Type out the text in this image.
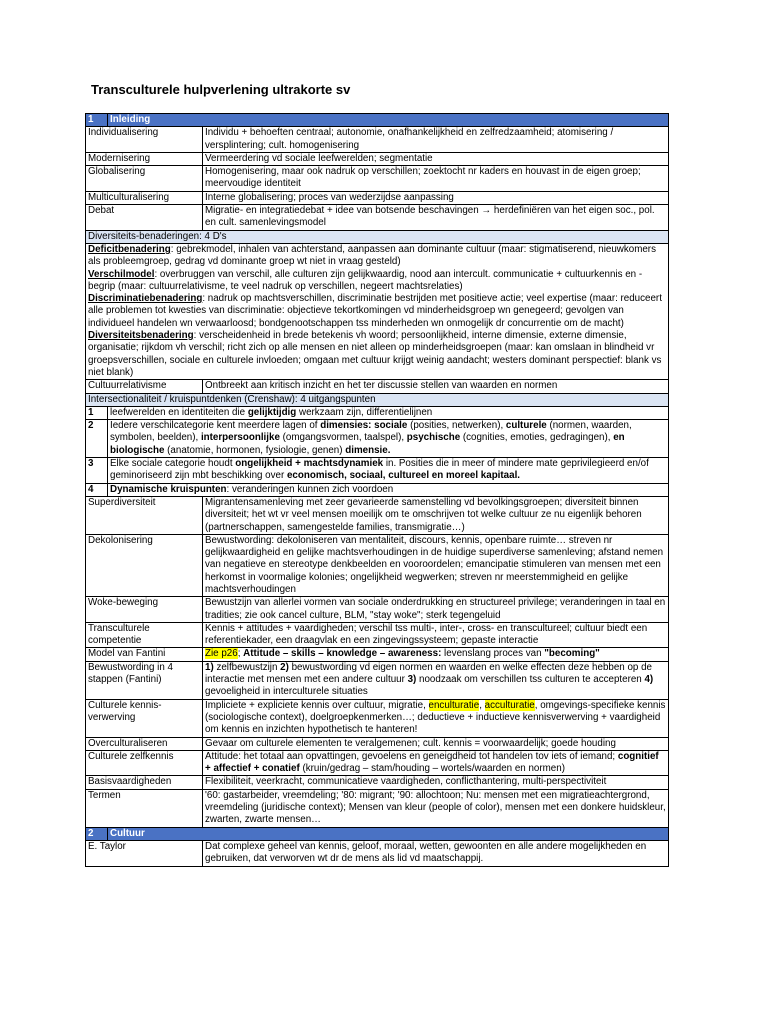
Transculturele hulpverlening ultrakorte sv
1	Inleiding	
Individualisering		Individu + behoeften centraal; autonomie, onafhankelijkheid en zelfredzaamheid; atomisering / versplintering; cult. homogenisering
Modernisering		Vermeerdering vd sociale leefwerelden; segmentatie
Globalisering		Homogenisering, maar ook nadruk op verschillen; zoektocht nr kaders en houvast in de eigen groep; meervoudige identiteit
Multiculturalisering		Interne globalisering; proces van wederzijdse aanpassing
Debat		Migratie- en integratiedebat + idee van botsende beschavingen → herdefiniëren van het eigen soc., pol. en cult. samenlevingsmodel
Diversiteits-benaderingen: 4 D's		

Deficitbenadering: gebrekmodel, inhalen van achterstand, aanpassen aan dominante cultuur (maar: stigmatiserend, nieuwkomers als probleemgroep, gedrag vd dominante groep wt niet in vraag gesteld)
Verschilmodel: overbruggen van verschil, alle culturen zijn gelijkwaardig, nood aan intercult. communicatie + cultuurkennis en -begrip (maar: cultuurrelativisme, te veel nadruk op verschillen, negeert machtsrelaties)
Discriminatiebenadering: nadruk op machtsverschillen, discriminatie bestrijden met positieve actie; veel expertise (maar: reduceert alle problemen tot kwesties van discriminatie: objectieve tekortkomingen vd minderheidsgroep wn genegeerd; gevolgen van individueel handelen wn verwaarloosd; bondgenootschappen tss minderheden wn onmogelijk dr concurrentie om de macht)
Diversiteitsbenadering: verscheidenheid in brede betekenis vh woord; persoonlijkheid, interne dimensie, externe dimensie, organisatie; rijkdom vh verschil; richt zich op alle mensen en niet alleen op minderheidsgroepen (maar: kan omslaan in blindheid vr groepsverschillen, sociale en culturele invloeden; omgaan met cultuur krijgt weinig aandacht; westers dominant perspectief: blank vs niet blank)		

Cultuurrelativisme		Ontbreekt aan kritisch inzicht en het ter discussie stellen van waarden en normen
Intersectionaliteit / kruispuntdenken (Crenshaw): 4 uitgangspunten		
1	leefwerelden en identiteiten die gelijktijdig werkzaam zijn, differentielijnen	
2	Iedere verschilcategorie kent meerdere lagen of dimensies: sociale (posities, netwerken), culturele (normen, waarden, symbolen, beelden), interpersoonlijke (omgangsvormen, taalspel), psychische (cognities, emoties, gedragingen), en biologische (anatomie, hormonen, fysiologie, genen) dimensie.	
3	Elke sociale categorie houdt ongelijkheid + machtsdynamiek in. Posities die in meer of mindere mate geprivilegieerd en/of geminoriseerd zijn mbt beschikking over economisch, sociaal, cultureel en moreel kapitaal.	
4	Dynamische kruispunten: veranderingen kunnen zich voordoen	
Superdiversiteit		Migrantensamenleving met zeer gevarieerde samenstelling vd bevolkingsgroepen; diversiteit binnen diversiteit; het wt vr veel mensen moeilijk om te omschrijven tot welke cultuur ze nu eigenlijk behoren (partnerschappen, samengestelde families, transmigratie…)
Dekolonisering		Bewustwording: dekoloniseren van mentaliteit, discours, kennis, openbare ruimte… streven nr gelijkwaardigheid en gelijke machtsverhoudingen in de huidige superdiverse samenleving; afstand nemen van negatieve en stereotype denkbeelden en vooroordelen; emancipatie stimuleren van mensen met een herkomst in voormalige kolonies; ongelijkheid wegwerken; streven nr meerstemmigheid en gelijke machtsverhoudingen
Woke-beweging		Bewustzijn van allerlei vormen van sociale onderdrukking en structureel privilege; veranderingen in taal en tradities; zie ook cancel culture, BLM, "stay woke"; sterk tegengeluid
Transculturele competentie		Kennis + attitudes + vaardigheden; verschil tss multi-, inter-, cross- en transcultureel; cultuur biedt een referentiekader, een draagvlak en een zingevingssysteem; gepaste interactie
Model van Fantini		Zie p26; Attitude – skills – knowledge – awareness: levenslang proces van "becoming"
Bewustwording in 4 stappen (Fantini)		1) zelfbewustzijn 2) bewustwording vd eigen normen en waarden en welke effecten deze hebben op de interactie met mensen met een andere cultuur 3) noodzaak om verschillen tss culturen te accepteren 4) gevoeligheid in interculturele situaties
Culturele kennis-verwerving		Impliciete + expliciete kennis over cultuur, migratie, enculturatie, acculturatie, omgevings-specifieke kennis (sociologische context), doelgroepkenmerken…; deductieve + inductieve kennisverwerving + vaardigheid om kennis en inzichten hypothetisch te hanteren!
Overculturaliseren		Gevaar om culturele elementen te veralgemenen; cult. kennis = voorwaardelijk; goede houding
Culturele zelfkennis		Attitude: het totaal aan opvattingen, gevoelens en geneigdheid tot handelen tov iets of iemand; cognitief + affectief + conatief (kruin/gedrag – stam/houding – wortels/waarden en normen)
Basisvaardigheden		Flexibiliteit, veerkracht, communicatieve vaardigheden, conflicthantering, multi-perspectiviteit
Termen		'60: gastarbeider, vreemdeling; '80: migrant; '90: allochtoon; Nu: mensen met een migratieachtergrond, vreemdeling (juridische context); Mensen van kleur (people of color), mensen met een donkere huidskleur, zwarten, zwarte mensen…
2	Cultuur	
E. Taylor		Dat complexe geheel van kennis, geloof, moraal, wetten, gewoonten en alle andere mogelijkheden en gebruiken, dat verworven wt dr de mens als lid vd maatschappij.
